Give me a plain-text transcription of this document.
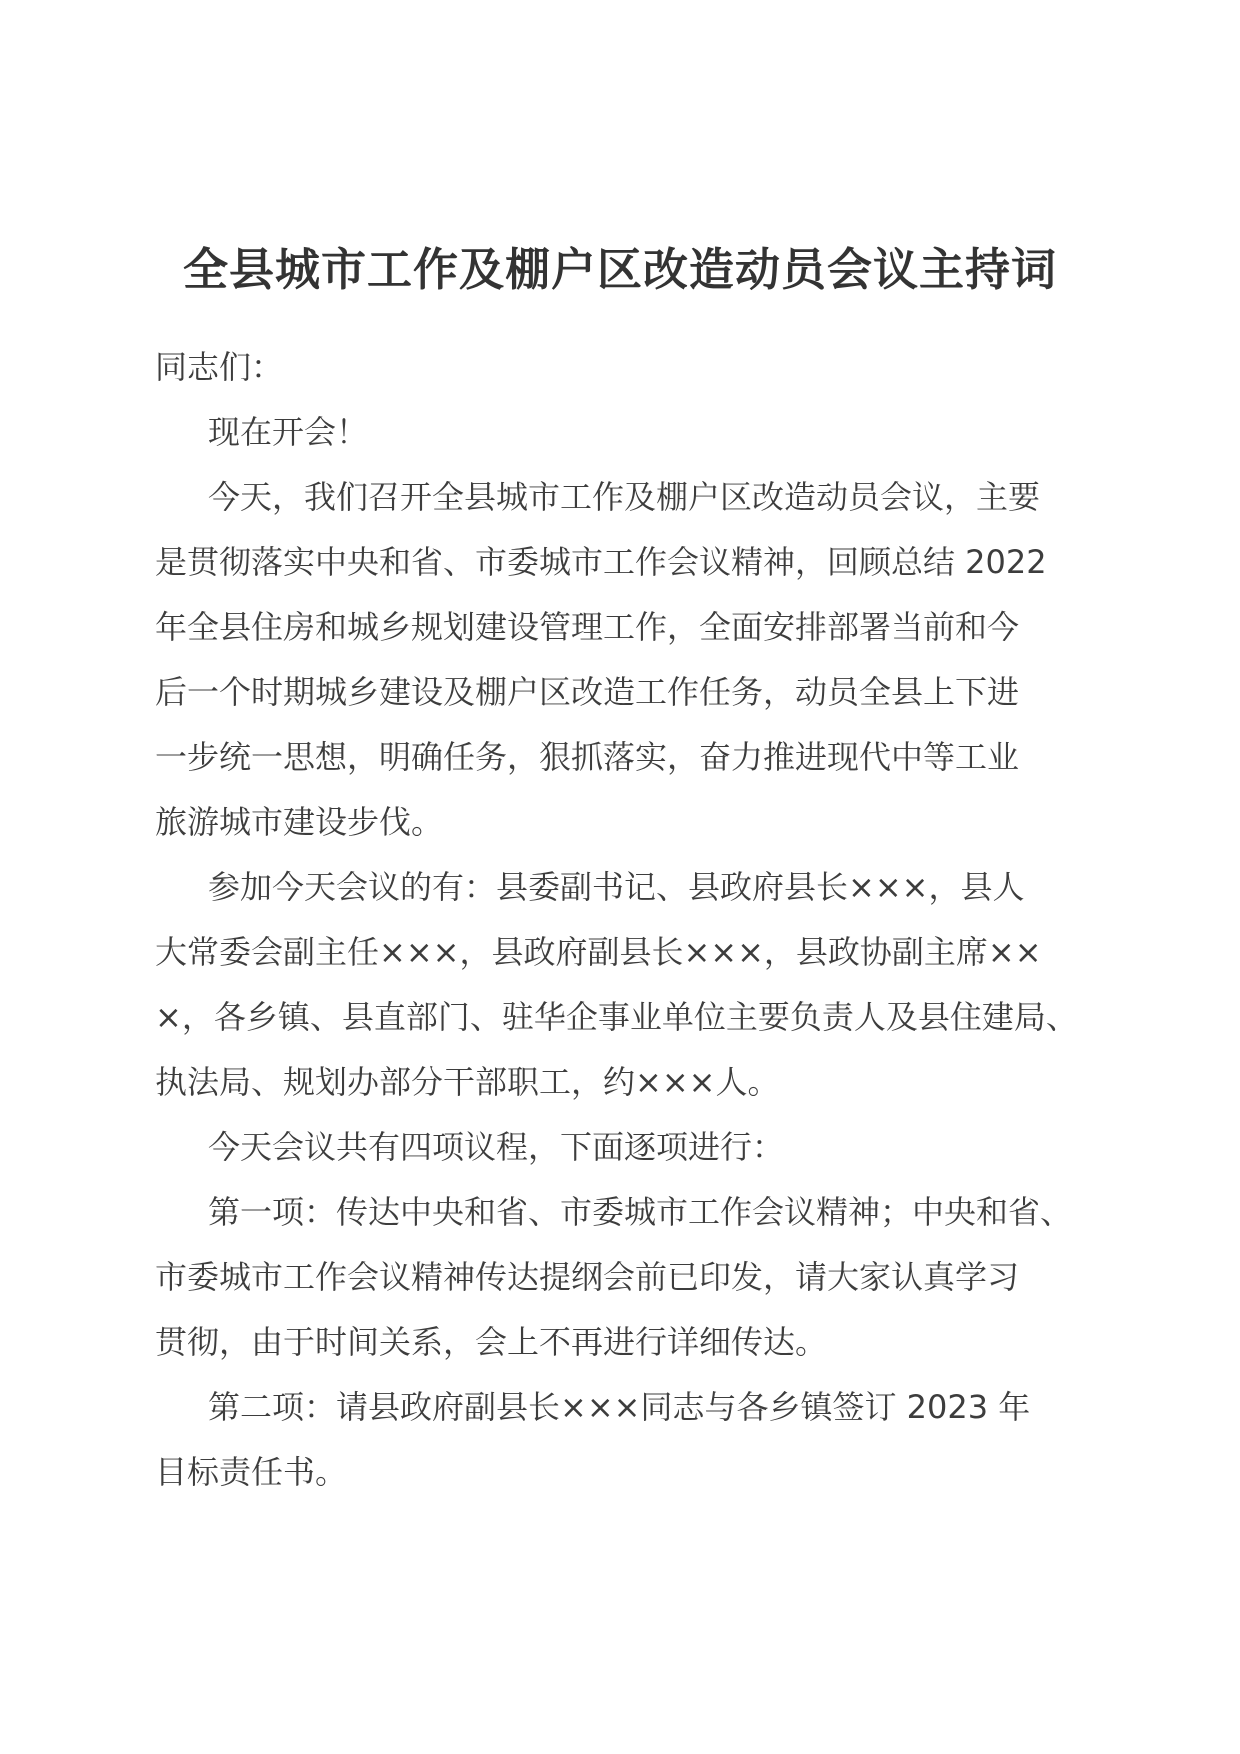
全县城市工作及棚户区改造动员会议主持词
同志们：
现在开会！
今天，我们召开全县城市工作及棚户区改造动员会议，主要
是贯彻落实中央和省、市委城市工作会议精神，回顾总结 2022
年全县住房和城乡规划建设管理工作，全面安排部署当前和今
后一个时期城乡建设及棚户区改造工作任务，动员全县上下进
一步统一思想，明确任务，狠抓落实，奋力推进现代中等工业
旅游城市建设步伐。
参加今天会议的有：县委副书记、县政府县长×××，县人
大常委会副主任×××，县政府副县长×××，县政协副主席××
×，各乡镇、县直部门、驻华企事业单位主要负责人及县住建局、
执法局、规划办部分干部职工，约×××人。
今天会议共有四项议程，下面逐项进行：
第一项：传达中央和省、市委城市工作会议精神；中央和省、
市委城市工作会议精神传达提纲会前已印发，请大家认真学习
贯彻，由于时间关系，会上不再进行详细传达。
第二项：请县政府副县长×××同志与各乡镇签订 2023 年
目标责任书。
